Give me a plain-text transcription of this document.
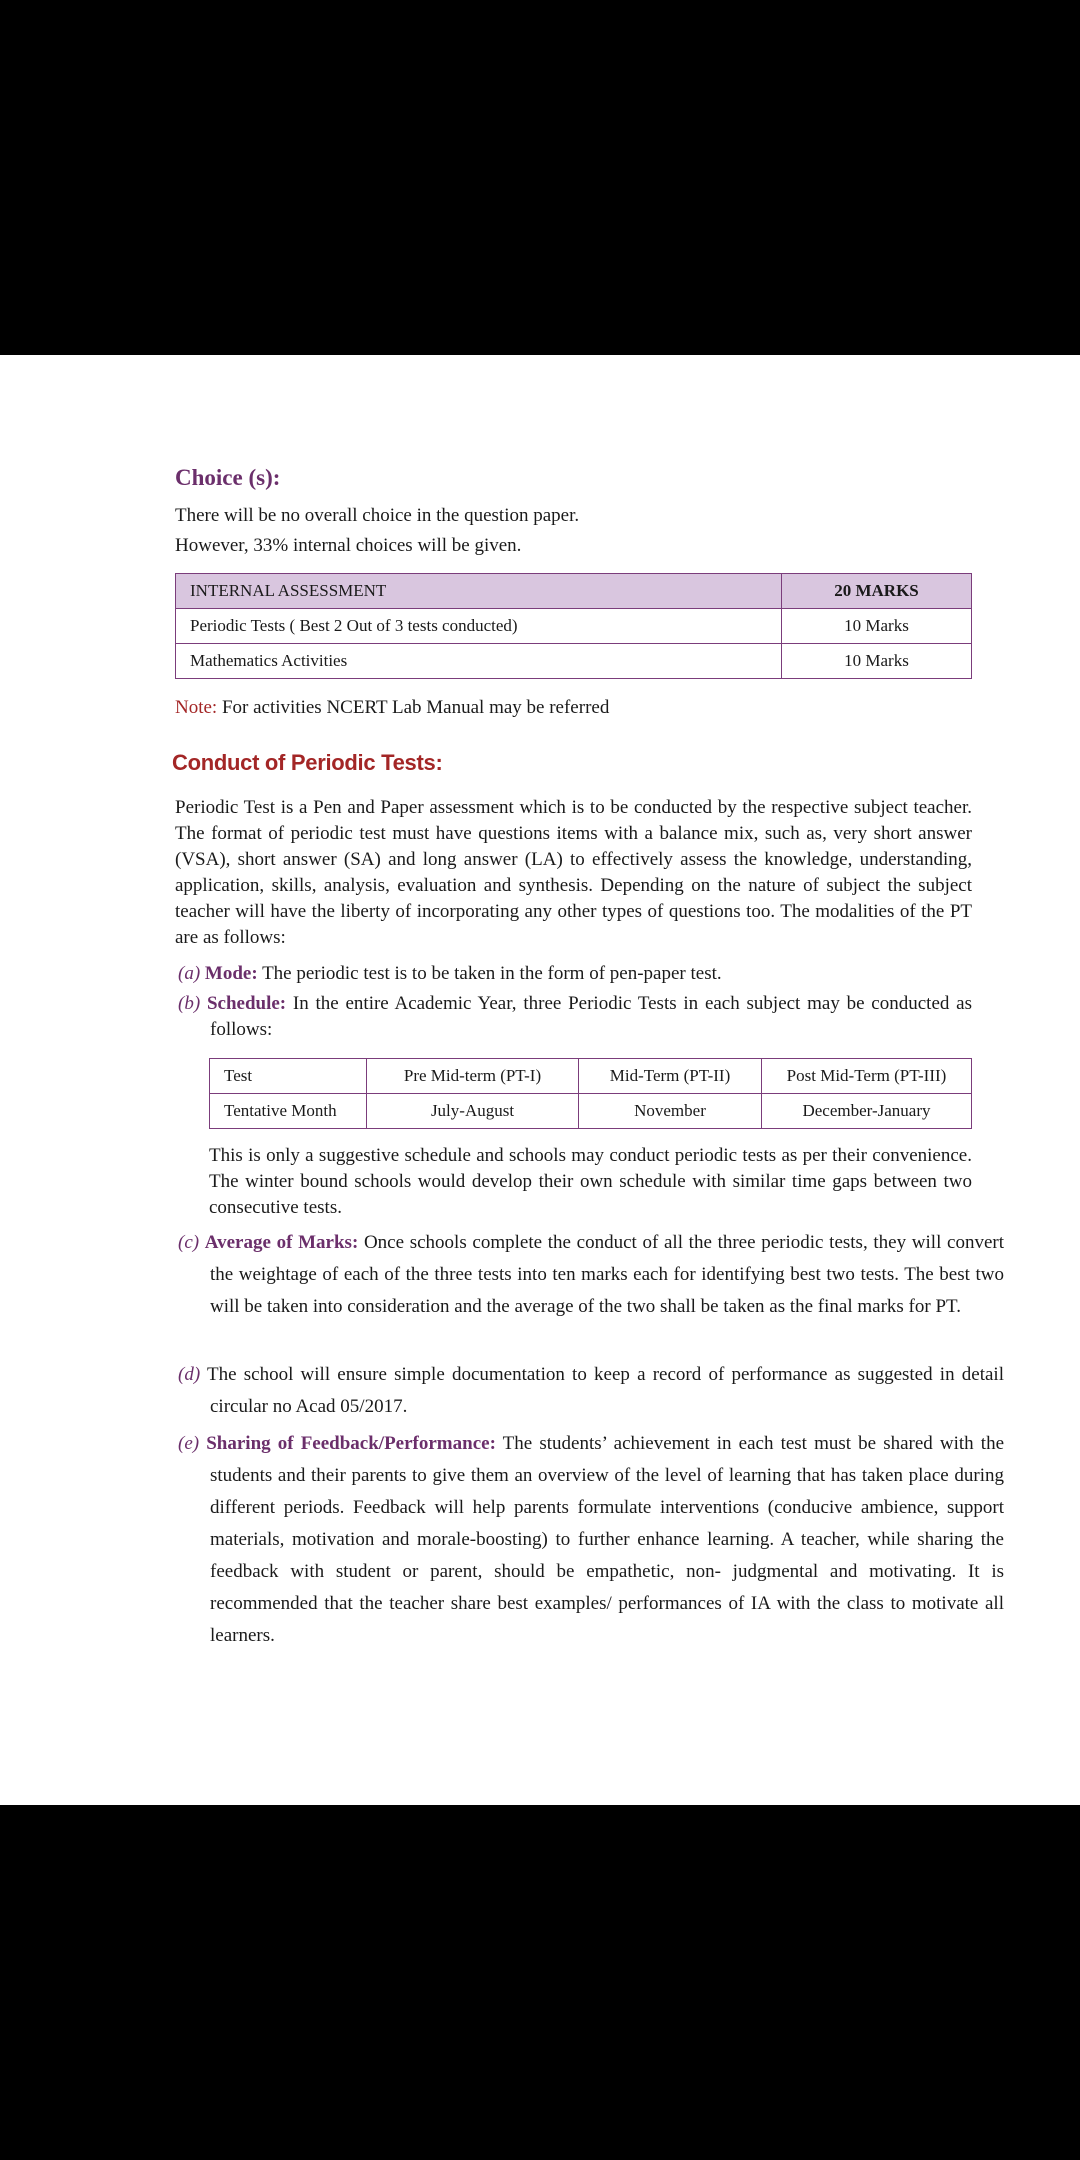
Choice (s):
There will be no overall choice in the question paper.
However, 33% internal choices will be given.
INTERNAL ASSESSMENT	20 MARKS
Periodic Tests ( Best 2 Out of 3 tests conducted)	10 Marks
Mathematics Activities	10 Marks
Note: For activities NCERT Lab Manual may be referred
Conduct of Periodic Tests:
Periodic Test is a Pen and Paper assessment which is to be conducted by the respective subject teacher. The format of periodic test must have questions items with a balance mix, such as, very short answer (VSA), short answer (SA) and long answer (LA) to effectively assess the knowledge, understanding, application, skills, analysis, evaluation and synthesis. Depending on the nature of subject the subject teacher will have the liberty of incorporating any other types of questions too. The modalities of the PT are as follows:
(a) Mode: The periodic test is to be taken in the form of pen-paper test.
(b) Schedule: In the entire Academic Year, three Periodic Tests in each subject may be conducted as follows:
Test	Pre Mid-term (PT-I)	Mid-Term (PT-II)	Post Mid-Term (PT-III)
Tentative Month	July-August	November	December-January
This is only a suggestive schedule and schools may conduct periodic tests as per their convenience. The winter bound schools would develop their own schedule with similar time gaps between two consecutive tests.
(c) Average of Marks: Once schools complete the conduct of all the three periodic tests, they will convert the weightage of each of the three tests into ten marks each for identifying best two tests. The best two will be taken into consideration and the average of the two shall be taken as the final marks for PT.
(d) The school will ensure simple documentation to keep a record of performance as suggested in detail circular no Acad 05/2017.
(e) Sharing of Feedback/Performance: The students’ achievement in each test must be shared with the students and their parents to give them an overview of the level of learning that has taken place during different periods. Feedback will help parents formulate interventions (conducive ambience, support materials, motivation and morale-boosting) to further enhance learning. A teacher, while sharing the feedback with student or parent, should be empathetic, non- judgmental and motivating. It is recommended that the teacher share best examples/ performances of IA with the class to motivate all learners.
